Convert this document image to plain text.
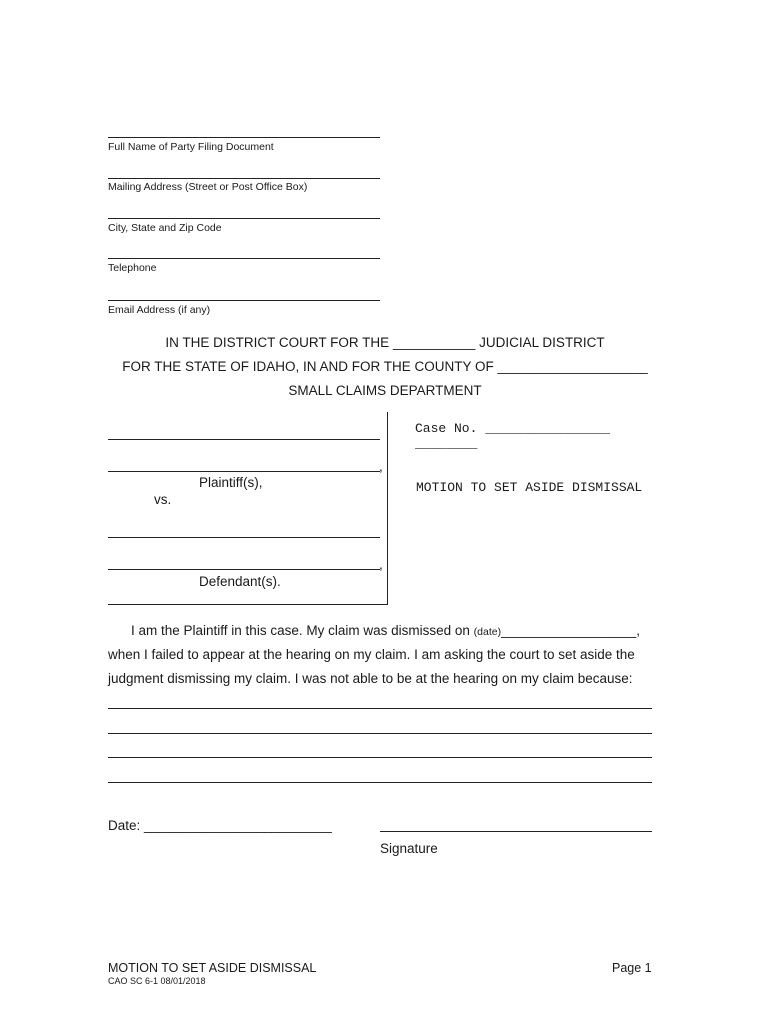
Full Name of Party Filing Document
Mailing Address (Street or Post Office Box)
City, State and Zip Code
Telephone
Email Address (if any)
IN THE DISTRICT COURT FOR THE ___________ JUDICIAL DISTRICT
FOR THE STATE OF IDAHO, IN AND FOR THE COUNTY OF ____________________
SMALL CLAIMS DEPARTMENT
,
Plaintiff(s),
vs.
,
Defendant(s).
Case No. ________________
________
MOTION TO SET ASIDE DISMISSAL
I am the Plaintiff in this case. My claim was dismissed on (date)__________________,
when I failed to appear at the hearing on my claim. I am asking the court to set aside the
judgment dismissing my claim. I was not able to be at the hearing on my claim because:
Date: _________________________
Signature
MOTION TO SET ASIDE DISMISSAL
CAO SC 6-1 08/01/2018
Page 1
